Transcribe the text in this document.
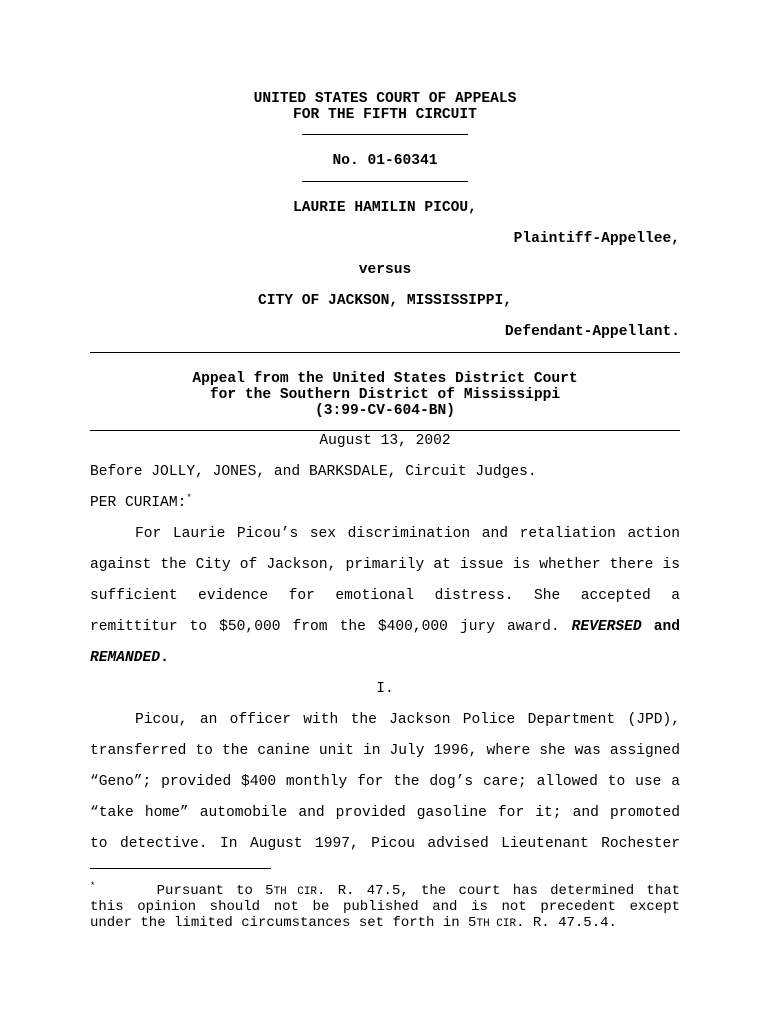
UNITED STATES COURT OF APPEALS
FOR THE FIFTH CIRCUIT
No. 01-60341
LAURIE HAMILIN PICOU,
Plaintiff-Appellee,
versus
CITY OF JACKSON, MISSISSIPPI,
Defendant-Appellant.
Appeal from the United States District Court
for the Southern District of Mississippi
(3:99-CV-604-BN)
August 13, 2002
Before JOLLY, JONES, and BARKSDALE, Circuit Judges.
PER CURIAM:*
For Laurie Picou’s sex discrimination and retaliation action
against the City of Jackson, primarily at issue is whether there is
sufficient evidence for emotional distress. She accepted a
remittitur to $50,000 from the $400,000 jury award. REVERSED and
REMANDED.
I.
Picou, an officer with the Jackson Police Department (JPD),
transferred to the canine unit in July 1996, where she was assigned
“Geno”; provided $400 monthly for the dog’s care; allowed to use a
“take home” automobile and provided gasoline for it; and promoted
to detective. In August 1997, Picou advised Lieutenant Rochester
*	Pursuant to 5TH CIR. R. 47.5, the court has determined that
this opinion should not be published and is not precedent except
under the limited circumstances set forth in 5TH CIR. R. 47.5.4.
